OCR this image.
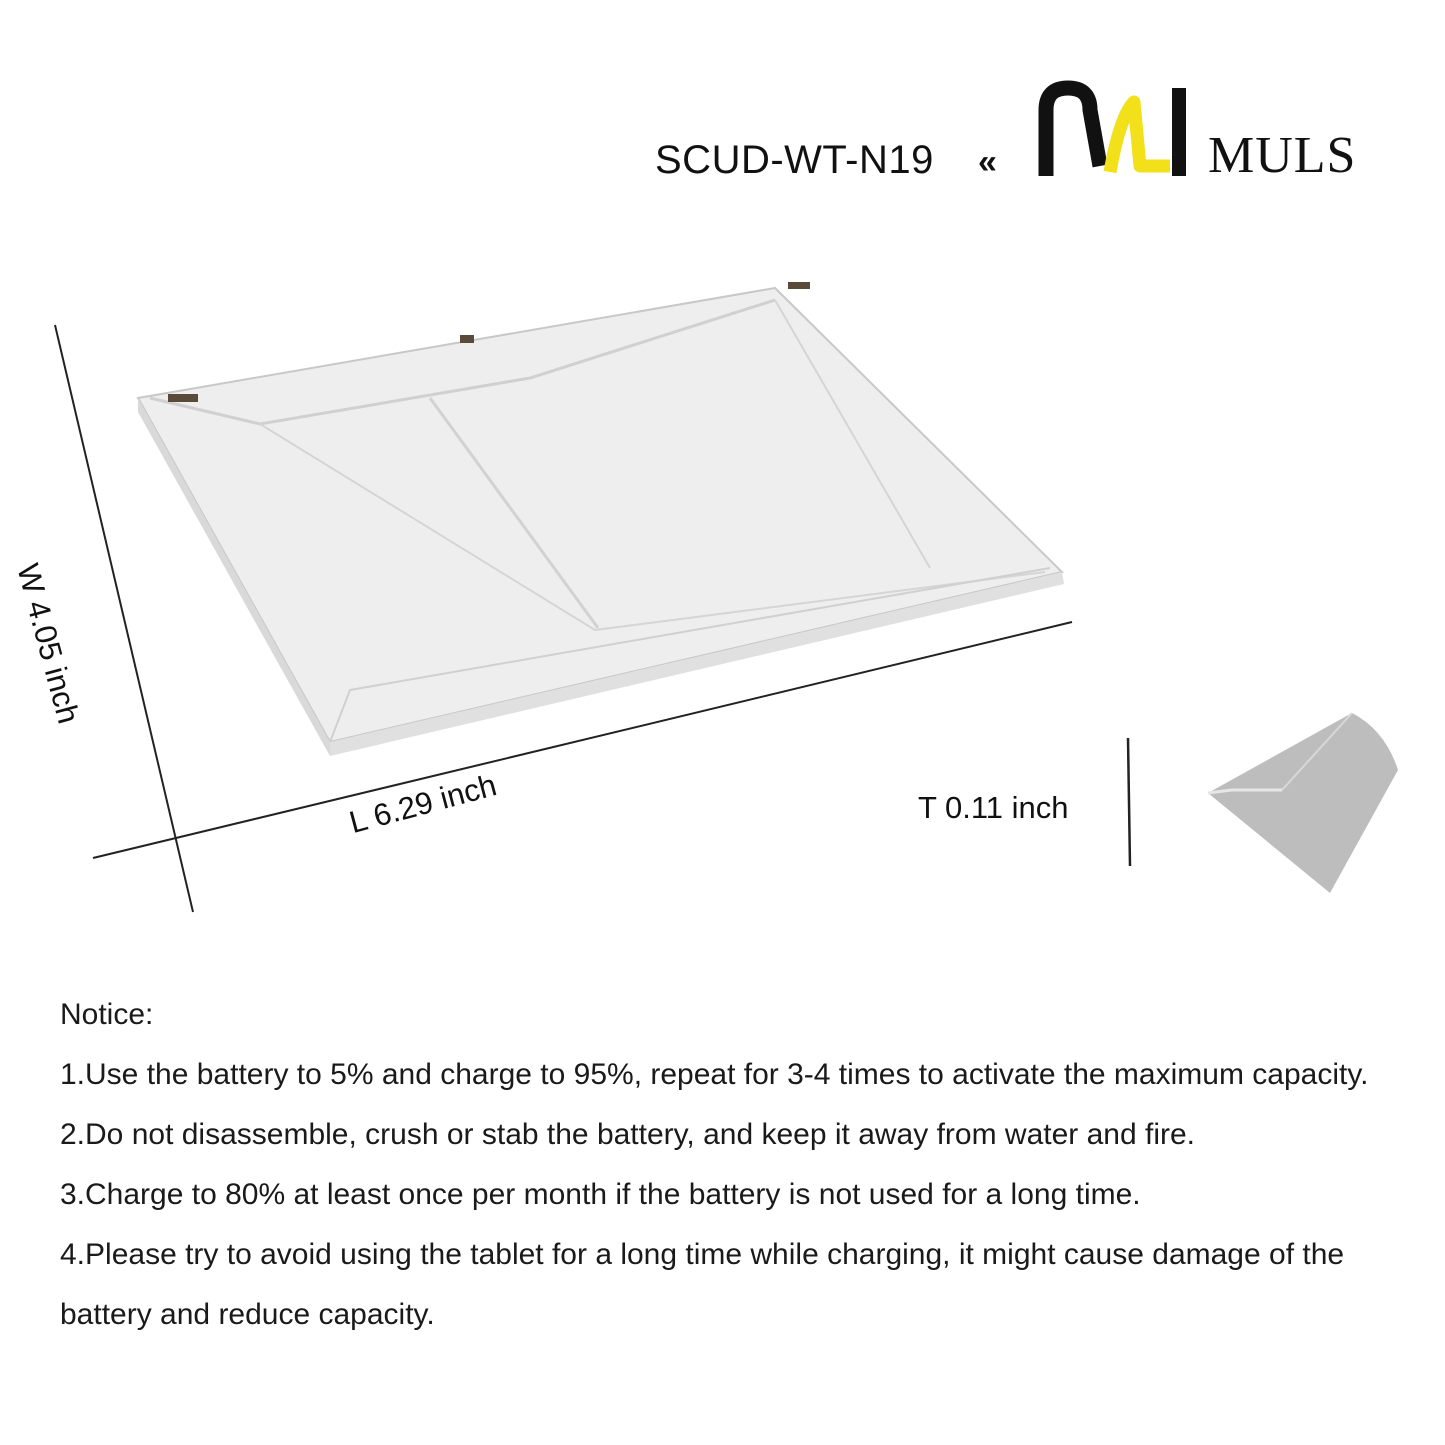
SCUD-WT-N19 «	MULS
W 4.05 inch
L 6.29 inch	T 0.11 inch

Notice:

1.Use the battery to 5% and charge to 95%, repeat for 3-4 times to activate the maximum capacity.

2.Do not disassemble, crush or stab the battery, and keep it away from water and fire.

3.Charge to 80% at least once per month if the battery is not used for a long time.

4.Please try to avoid using the tablet for a long time while charging, it might cause damage of the battery and reduce capacity.
